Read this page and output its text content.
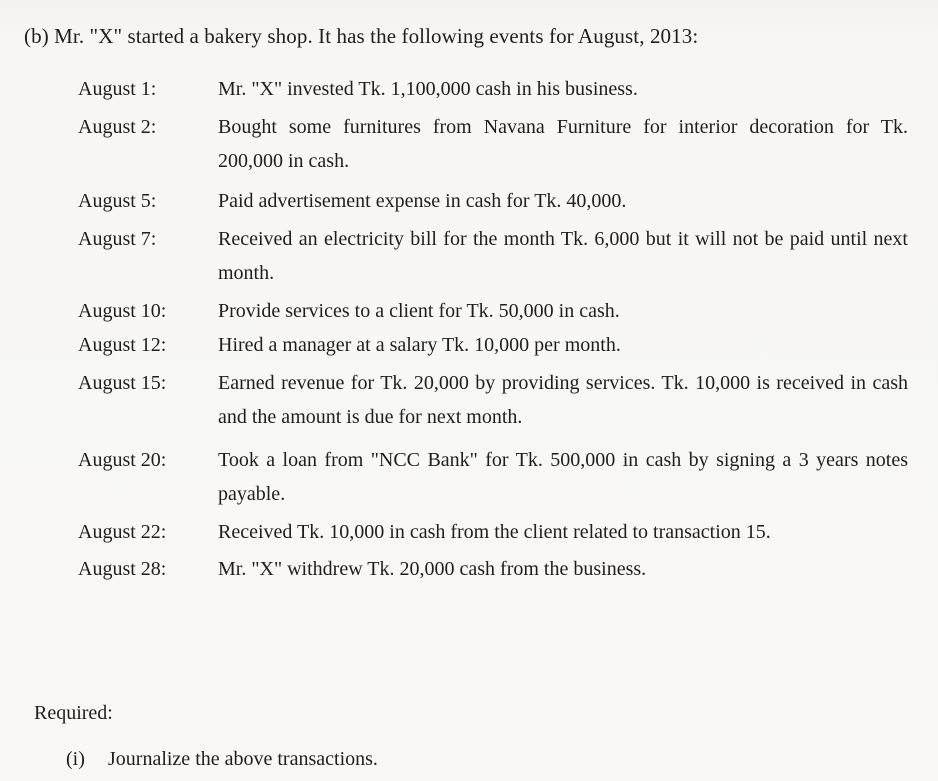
(b) Mr. "X" started a bakery shop. It has the following events for August, 2013:
August 1:	Mr. "X" invested Tk. 1,100,000 cash in his business.
August 2:	Bought some furnitures from Navana Furniture for interior decoration for Tk. 200,000 in cash.
August 5:	Paid advertisement expense in cash for Tk. 40,000.
August 7:	Received an electricity bill for the month Tk. 6,000 but it will not be paid until next month.
August 10:	Provide services to a client for Tk. 50,000 in cash.
August 12:	Hired a manager at a salary Tk. 10,000 per month.
August 15:	Earned revenue for Tk. 20,000 by providing services. Tk. 10,000 is received in cash and the amount is due for next month.
August 20:	Took a loan from "NCC Bank" for Tk. 500,000 in cash by signing a 3 years notes payable.
August 22:	Received Tk. 10,000 in cash from the client related to transaction 15.
August 28:	Mr. "X" withdrew Tk. 20,000 cash from the business.
Required:
(i)	Journalize the above transactions.
